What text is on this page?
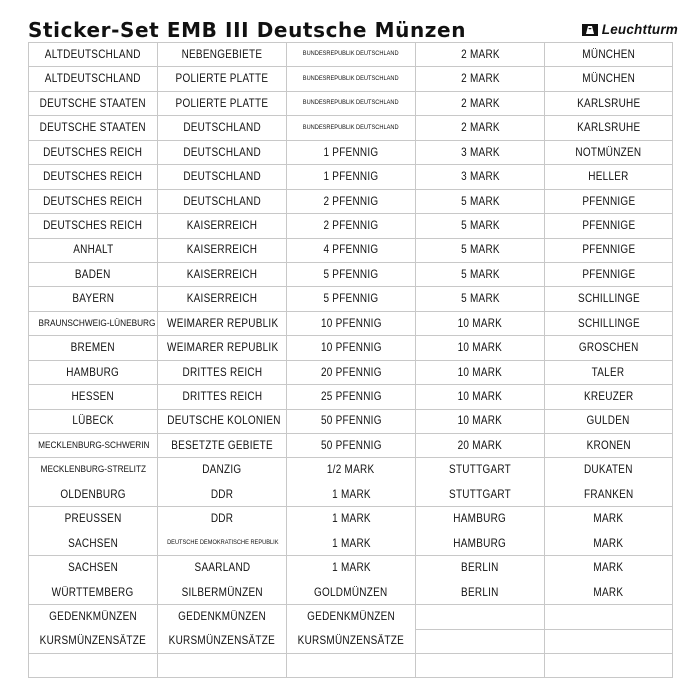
Sticker-Set EMB III Deutsche Münzen	Leuchtturm
ALTDEUTSCHLAND	NEBENGEBIETE	BUNDESREPUBLIK DEUTSCHLAND	2 MARK	MÜNCHEN
ALTDEUTSCHLAND	POLIERTE PLATTE	BUNDESREPUBLIK DEUTSCHLAND	2 MARK	MÜNCHEN
DEUTSCHE STAATEN	POLIERTE PLATTE	BUNDESREPUBLIK DEUTSCHLAND	2 MARK	KARLSRUHE
DEUTSCHE STAATEN	DEUTSCHLAND	BUNDESREPUBLIK DEUTSCHLAND	2 MARK	KARLSRUHE
DEUTSCHES REICH	DEUTSCHLAND	1 PFENNIG	3 MARK	NOTMÜNZEN
DEUTSCHES REICH	DEUTSCHLAND	1 PFENNIG	3 MARK	HELLER
DEUTSCHES REICH	DEUTSCHLAND	2 PFENNIG	5 MARK	PFENNIGE
DEUTSCHES REICH	KAISERREICH	2 PFENNIG	5 MARK	PFENNIGE
ANHALT	KAISERREICH	4 PFENNIG	5 MARK	PFENNIGE
BADEN	KAISERREICH	5 PFENNIG	5 MARK	PFENNIGE
BAYERN	KAISERREICH	5 PFENNIG	5 MARK	SCHILLINGE
BRAUNSCHWEIG-LÜNEBURG	WEIMARER REPUBLIK	10 PFENNIG	10 MARK	SCHILLINGE
BREMEN	WEIMARER REPUBLIK	10 PFENNIG	10 MARK	GROSCHEN
HAMBURG	DRITTES REICH	20 PFENNIG	10 MARK	TALER
HESSEN	DRITTES REICH	25 PFENNIG	10 MARK	KREUZER
LÜBECK	DEUTSCHE KOLONIEN	50 PFENNIG	10 MARK	GULDEN
MECKLENBURG-SCHWERIN	BESETZTE GEBIETE	50 PFENNIG	20 MARK	KRONEN
MECKLENBURG-STRELITZ	DANZIG	1/2 MARK	STUTTGART	DUKATEN
OLDENBURG	DDR	1 MARK	STUTTGART	FRANKEN
PREUSSEN	DDR	1 MARK	HAMBURG	MARK
SACHSEN	DEUTSCHE DEMOKRATISCHE REPUBLIK	1 MARK	HAMBURG	MARK
SACHSEN	SAARLAND	1 MARK	BERLIN	MARK
WÜRTTEMBERG	SILBERMÜNZEN	GOLDMÜNZEN	BERLIN	MARK
GEDENKMÜNZEN	GEDENKMÜNZEN	GEDENKMÜNZEN		
KURSMÜNZENSÄTZE	KURSMÜNZENSÄTZE	KURSMÜNZENSÄTZE		
